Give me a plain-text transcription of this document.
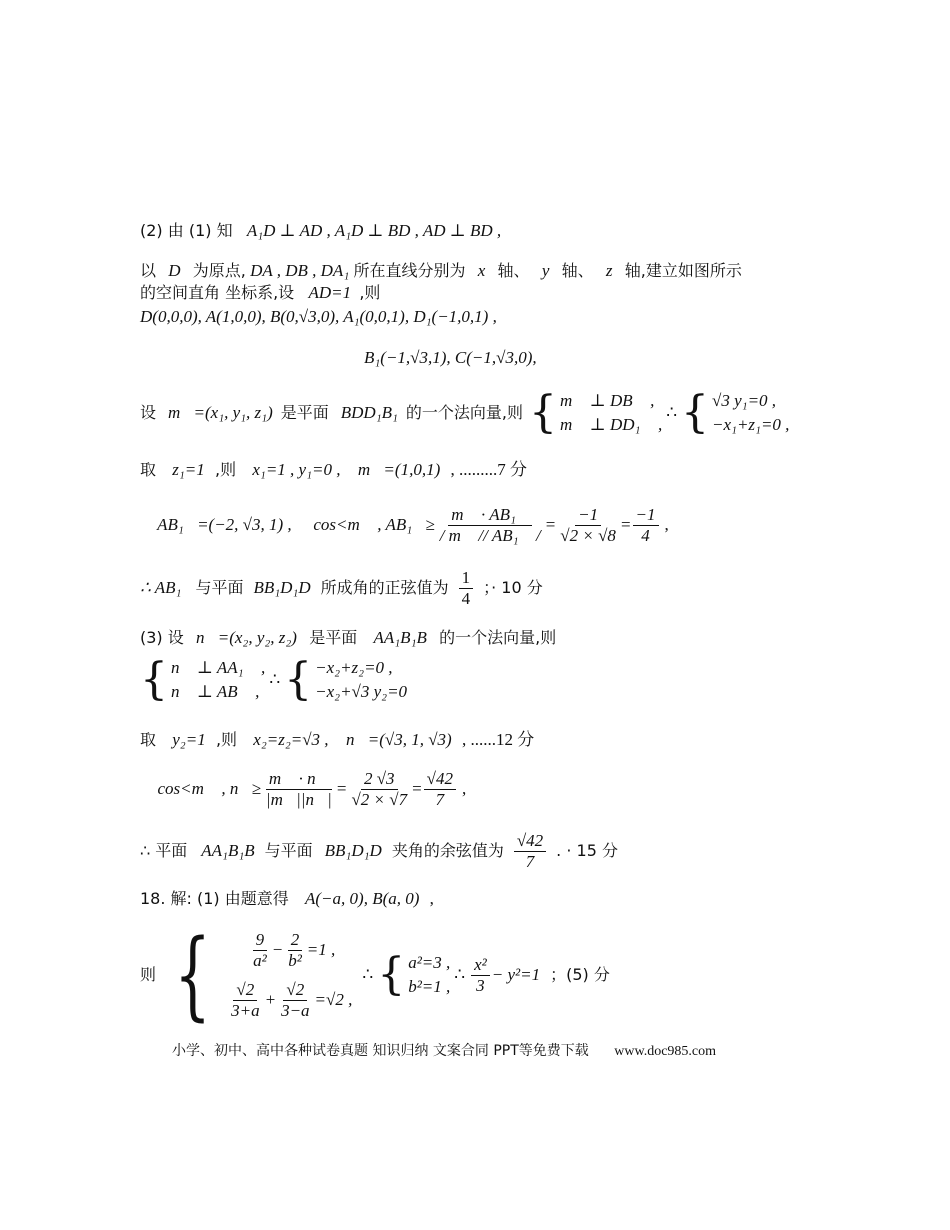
(2) 由 (1) 知 A₁D ⊥ AD , A₁D ⊥ BD , AD ⊥ BD ,
以 D 为原点, DA , DB , DA₁ 所在直线分别为 x 轴、 y 轴、 z 轴,建立如图所示
的空间直角 坐标系,设 AD=1 ,则
D(0,0,0), A(1,0,0), B(0,√3,0), A₁(0,0,1), D₁(−1,0,1) ,
B₁(−1,√3,1), C(−1,√3,0),
设 m⃗=(x₁, y₁, z₁) 是平面 BDD₁B₁ 的一个法向量,则 { m⃗ ⊥ DB⃗ ,
m⃗ ⊥ DD₁⃗ ,
∴ { √3 y₁=0 ,
−x₁+z₁=0 ,
取 z₁=1 ,则 x₁=1 , y₁=0 ,∴ m⃗=(1,0,1) , .........7 分
∴ AB₁⃗=(−2, √3, 1) , ∴ cos<m⃗ , AB₁⃗≥ $\frac{\text{m⃗ · AB₁⃗}}{\text{/ m⃗ // AB₁⃗ /}} = \frac{-1}{√2 \times √8} = \frac{-1}{4}$ ,
∴ AB₁ 与平面 BB₁D₁D 所成角的正弦值为 $\frac{1}{4}$ ；· 10 分
(3) 设 n⃗=(x₂, y₂, z₂) 是平面 AA₁B₁B 的一个法向量,则
{ n⃗ ⊥ AA₁⃗ ,
n⃗ ⊥ AB⃗ ,
∴ { −x₂+z₂=0 ,
−x₂+√3 y₂=0
取 y₂=1 ,则 x₂=z₂=√3 ,∴ n⃗=(√3, 1, √3) , ......12 分
∴ cos<m⃗ , n⃗≥ $\frac{m⃗ \cdot n⃗}{|m⃗||n⃗|} = \frac{2 √3}{√2 \times √7} = \frac{√42}{7}$ ,
∴ 平面 AA₁B₁B 与平面 BB₁D₁D 夹角的余弦值为 $\frac{√42}{7}$ . · 15 分
18. 解: (1) 由题意得 A(−a, 0), B(a, 0) ,
则 { $\frac{9}{\text{a²}} - \frac{2}{\text{b²}} =1$ ,
$\frac{√2}{3+a} + \frac{√2}{3-a} =√2$ ,
∴ { a²=3 ,
b²=1 ,
∴ $\frac{\text{x²}}{3} - y^2=1$ ；(5) 分
小学、初中、高中各种试卷真题 知识归纳 文案合同 PPT等免费下载 www.doc985.com
